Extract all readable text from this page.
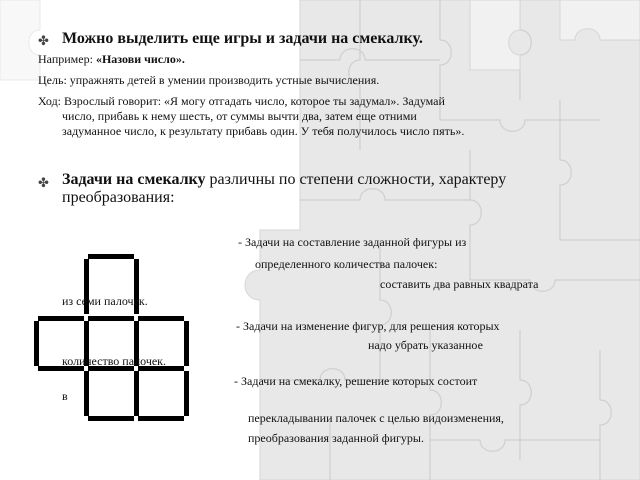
✤ Можно выделить еще игры и задачи на смекалку.
Например: «Назови число».
Цель: упражнять детей в умении производить устные вычисления.
Ход: Взрослый говорит: «Я могу отгадать число, которое ты задумал». Задумай
число, прибавь к нему шесть, от суммы вычти два, затем еще отними
задуманное число, к результату прибавь один. У тебя получилось число пять».
✤ Задачи на смекалку различны по степени сложности, характеру
преобразования:
из семи палочек.
количество палочек.
в
- Задачи на составление заданной фигуры из
определенного количества палочек:
составить два равных квадрата
- Задачи на изменение фигур, для решения которых
надо убрать указанное
- Задачи на смекалку, решение которых состоит
перекладывании палочек с целью видоизменения,
преобразования заданной фигуры.
